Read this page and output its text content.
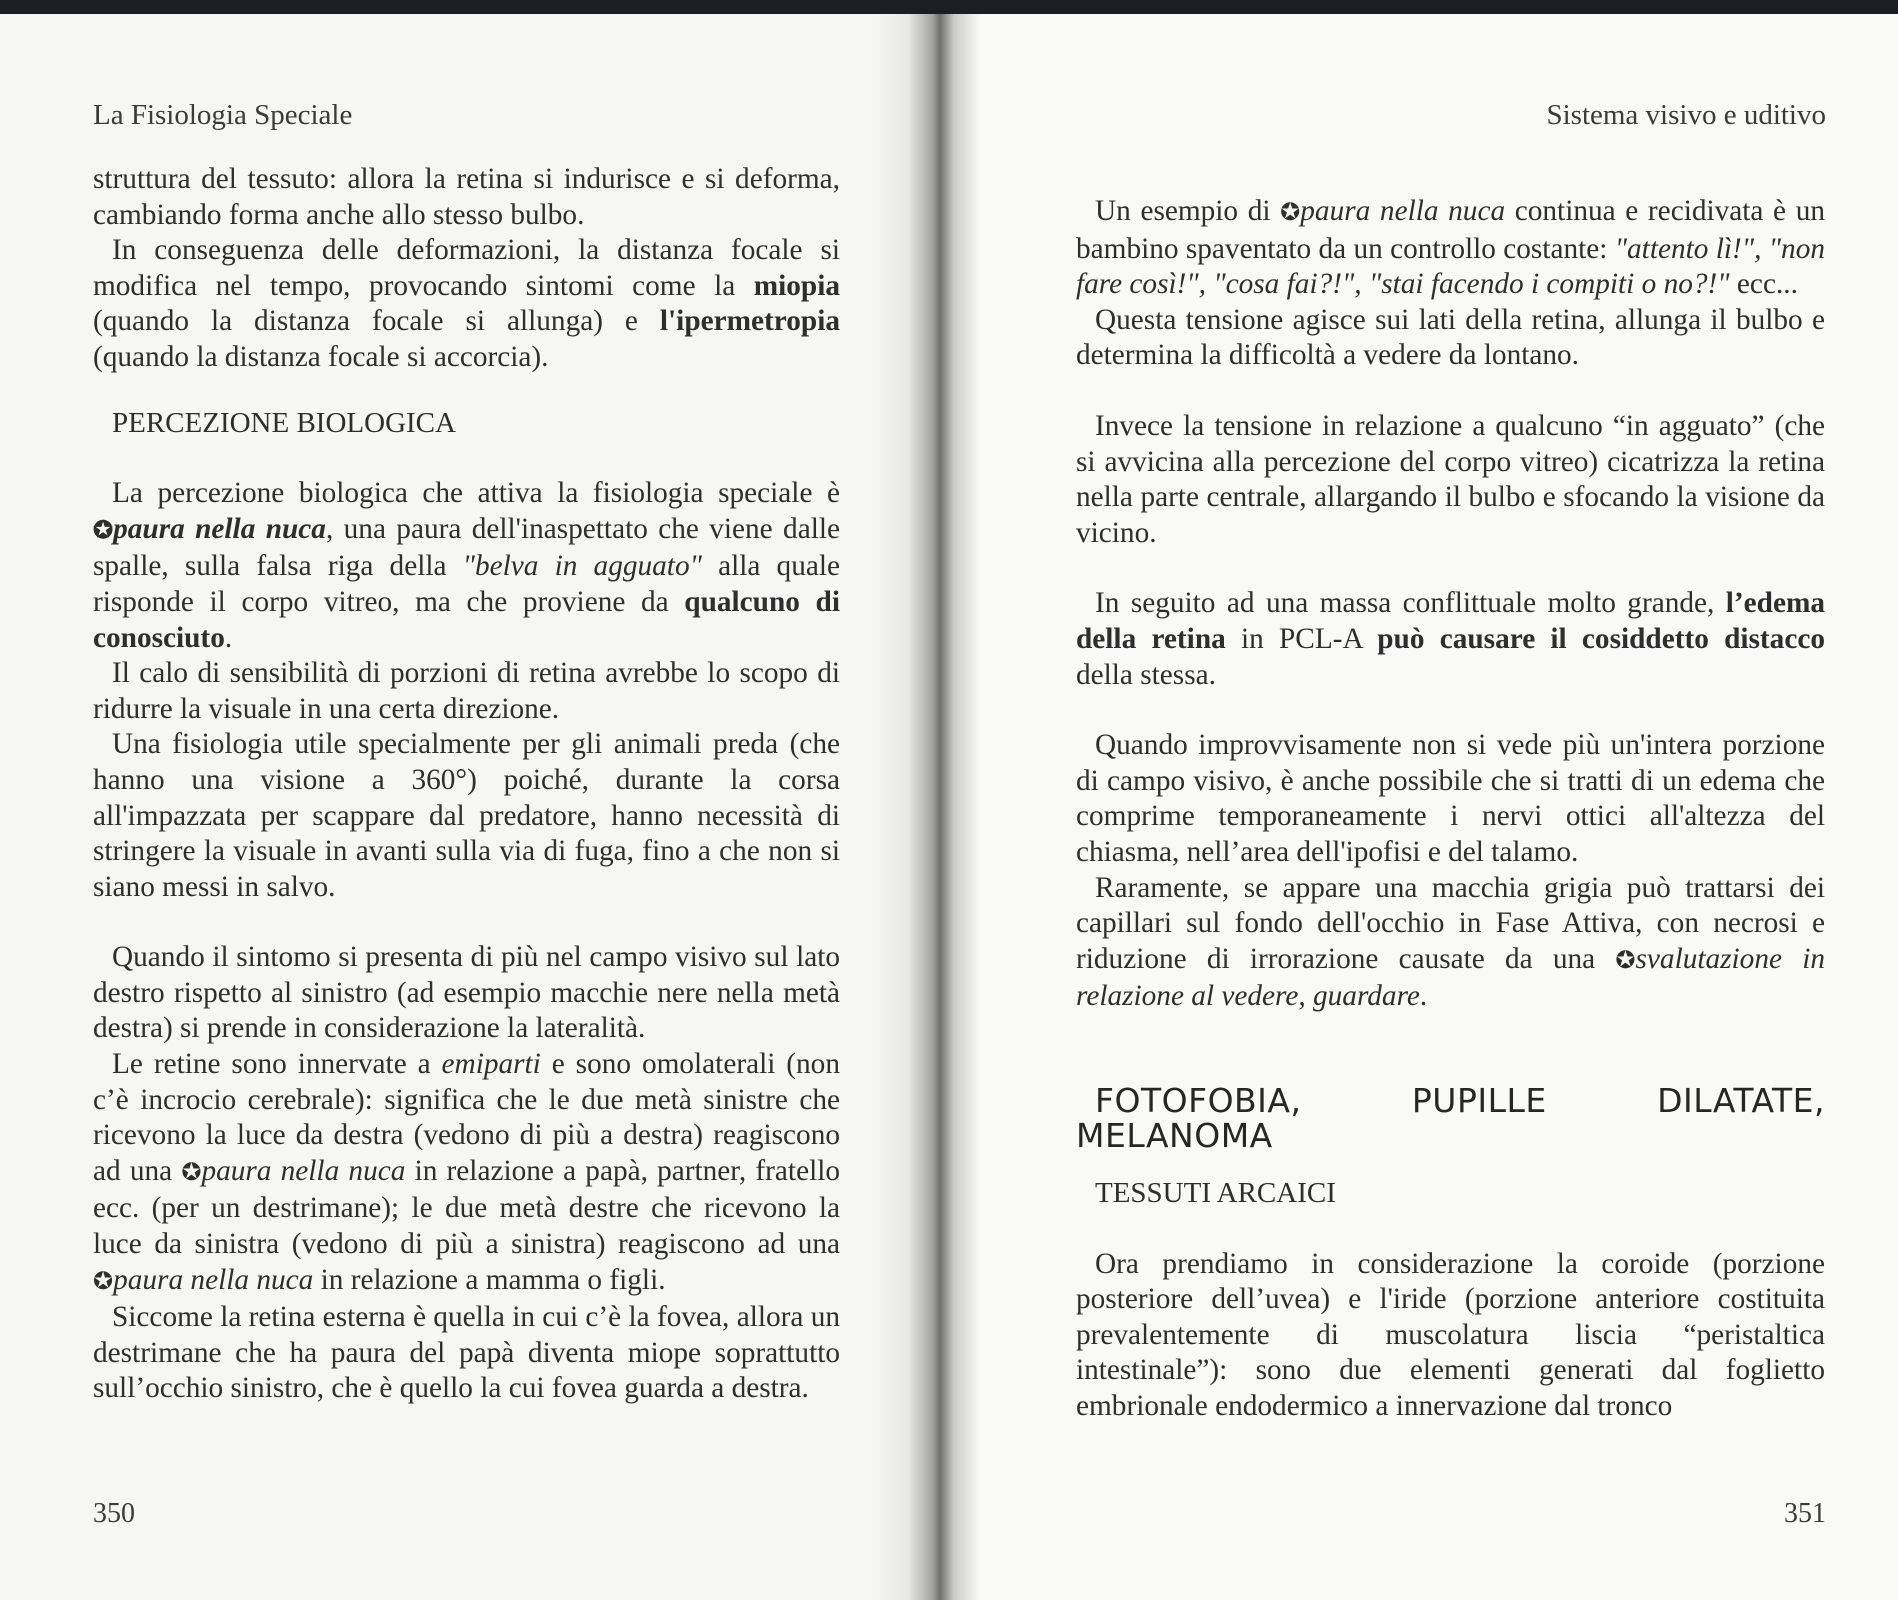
La Fisiologia Speciale

struttura del tessuto: allora la retina si indurisce e si deforma, cambiando forma anche allo stesso bulbo.

In conseguenza delle deformazioni, la distanza focale si modifica nel tempo, provocando sintomi come la miopia (quando la distanza focale si allunga) e l'ipermetropia (quando la distanza focale si accorcia).

PERCEZIONE BIOLOGICA

La percezione biologica che attiva la fisiologia speciale è ✪paura nella nuca, una paura dell'inaspettato che viene dalle spalle, sulla falsa riga della "belva in agguato" alla quale risponde il corpo vitreo, ma che proviene da qualcuno di conosciuto.

Il calo di sensibilità di porzioni di retina avrebbe lo scopo di ridurre la visuale in una certa direzione.

Una fisiologia utile specialmente per gli animali preda (che hanno una visione a 360°) poiché, durante la corsa all'impazzata per scappare dal predatore, hanno necessità di stringere la visuale in avanti sulla via di fuga, fino a che non si siano messi in salvo.

Quando il sintomo si presenta di più nel campo visivo sul lato destro rispetto al sinistro (ad esempio macchie nere nella metà destra) si prende in considerazione la lateralità.

Le retine sono innervate a emiparti e sono omolaterali (non c’è incrocio cerebrale): significa che le due metà sinistre che ricevono la luce da destra (vedono di più a destra) reagiscono ad una ✪paura nella nuca in relazione a papà, partner, fratello ecc. (per un destrimane); le due metà destre che ricevono la luce da sinistra (vedono di più a sinistra) reagiscono ad una ✪paura nella nuca in relazione a mamma o figli.

Siccome la retina esterna è quella in cui c’è la fovea, allora un destrimane che ha paura del papà diventa miope soprattutto sull’occhio sinistro, che è quello la cui fovea guarda a destra.

350
Sistema visivo e uditivo

Un esempio di ✪paura nella nuca continua e recidivata è un bambino spaventato da un controllo costante: "attento lì!", "non fare così!", "cosa fai?!", "stai facendo i compiti o no?!" ecc...

Questa tensione agisce sui lati della retina, allunga il bulbo e determina la difficoltà a vedere da lontano.

Invece la tensione in relazione a qualcuno “in agguato” (che si avvicina alla percezione del corpo vitreo) cicatrizza la retina nella parte centrale, allargando il bulbo e sfocando la visione da vicino.

In seguito ad una massa conflittuale molto grande, l’edema della retina in PCL-A può causare il cosiddetto distacco della stessa.

Quando improvvisamente non si vede più un'intera porzione di campo visivo, è anche possibile che si tratti di un edema che comprime temporaneamente i nervi ottici all'altezza del chiasma, nell’area dell'ipofisi e del talamo.

Raramente, se appare una macchia grigia può trattarsi dei capillari sul fondo dell'occhio in Fase Attiva, con necrosi e riduzione di irrorazione causate da una ✪svalutazione in relazione al vedere, guardare.

FOTOFOBIA, PUPILLE DILATATE, MELANOMA
TESSUTI ARCAICI

Ora prendiamo in considerazione la coroide (porzione posteriore dell’uvea) e l'iride (porzione anteriore costituita prevalentemente di muscolatura liscia “peristaltica intestinale”): sono due elementi generati dal foglietto embrionale endodermico a innervazione dal tronco

351
